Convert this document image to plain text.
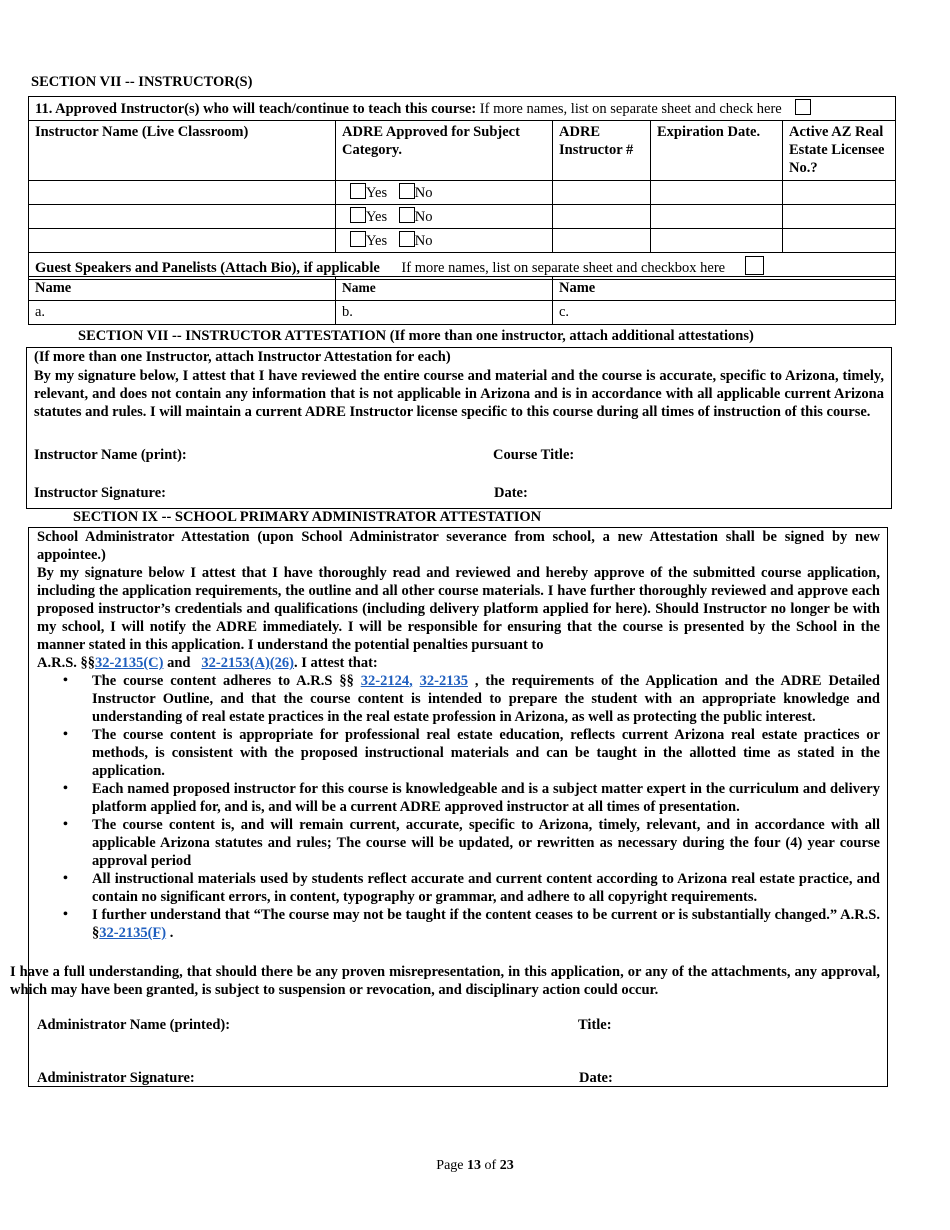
SECTION VII -- INSTRUCTOR(S)
11. Approved Instructor(s) who will teach/continue to teach this course: If more names, list on separate sheet and check here				
Instructor Name (Live Classroom)	ADRE Approved for Subject Category.	ADRE Instructor #	Expiration Date.	Active AZ Real Estate Licensee No.?
	Yes No			
	Yes No			
	Yes No			
Guest Speakers and Panelists (Attach Bio), if applicable If more names, list on separate sheet and checkbox here				
Name	Name	Name
a.	b.	c.
SECTION VII -- INSTRUCTOR ATTESTATION (If more than one instructor, attach additional attestations)
(If more than one Instructor, attach Instructor Attestation for each)
By my signature below, I attest that I have reviewed the entire course and material and the course is accurate, specific to Arizona, timely, relevant, and does not contain any information that is not applicable in Arizona and is in accordance with all applicable current Arizona statutes and rules. I will maintain a current ADRE Instructor license specific to this course during all times of instruction of this course.
Instructor Name (print):	Course Title:
Instructor Signature:	Date:
SECTION IX -- SCHOOL PRIMARY ADMINISTRATOR ATTESTATION
School Administrator Attestation (upon School Administrator severance from school, a new Attestation shall be signed by new appointee.)
By my signature below I attest that I have thoroughly read and reviewed and hereby approve of the submitted course application, including the application requirements, the outline and all other course materials. I have further thoroughly reviewed and approve each proposed instructor’s credentials and qualifications (including delivery platform applied for here). Should Instructor no longer be with my school, I will notify the ADRE immediately. I will be responsible for ensuring that the course is presented by the School in the manner stated in this application. I understand the potential penalties pursuant to
A.R.S. §§32-2135(C) and 32-2153(A)(26). I attest that:
• The course content adheres to A.R.S §§ 32-2124, 32-2135 , the requirements of the Application and the ADRE Detailed Instructor Outline, and that the course content is intended to prepare the student with an appropriate knowledge and understanding of real estate practices in the real estate profession in Arizona, as well as protecting the public interest.
• The course content is appropriate for professional real estate education, reflects current Arizona real estate practices or methods, is consistent with the proposed instructional materials and can be taught in the allotted time as stated in the application.
• Each named proposed instructor for this course is knowledgeable and is a subject matter expert in the curriculum and delivery platform applied for, and is, and will be a current ADRE approved instructor at all times of presentation.
• The course content is, and will remain current, accurate, specific to Arizona, timely, relevant, and in accordance with all applicable Arizona statutes and rules; The course will be updated, or rewritten as necessary during the four (4) year course approval period
• All instructional materials used by students reflect accurate and current content according to Arizona real estate practice, and contain no significant errors, in content, typography or grammar, and adhere to all copyright requirements.
• I further understand that “The course may not be taught if the content ceases to be current or is substantially changed.” A.R.S. §32-2135(F) .
I have a full understanding, that should there be any proven misrepresentation, in this application, or any of the attachments, any approval, which may have been granted, is subject to suspension or revocation, and disciplinary action could occur.
Administrator Name (printed):	Title:
Administrator Signature:	Date:
Page 13 of 23
